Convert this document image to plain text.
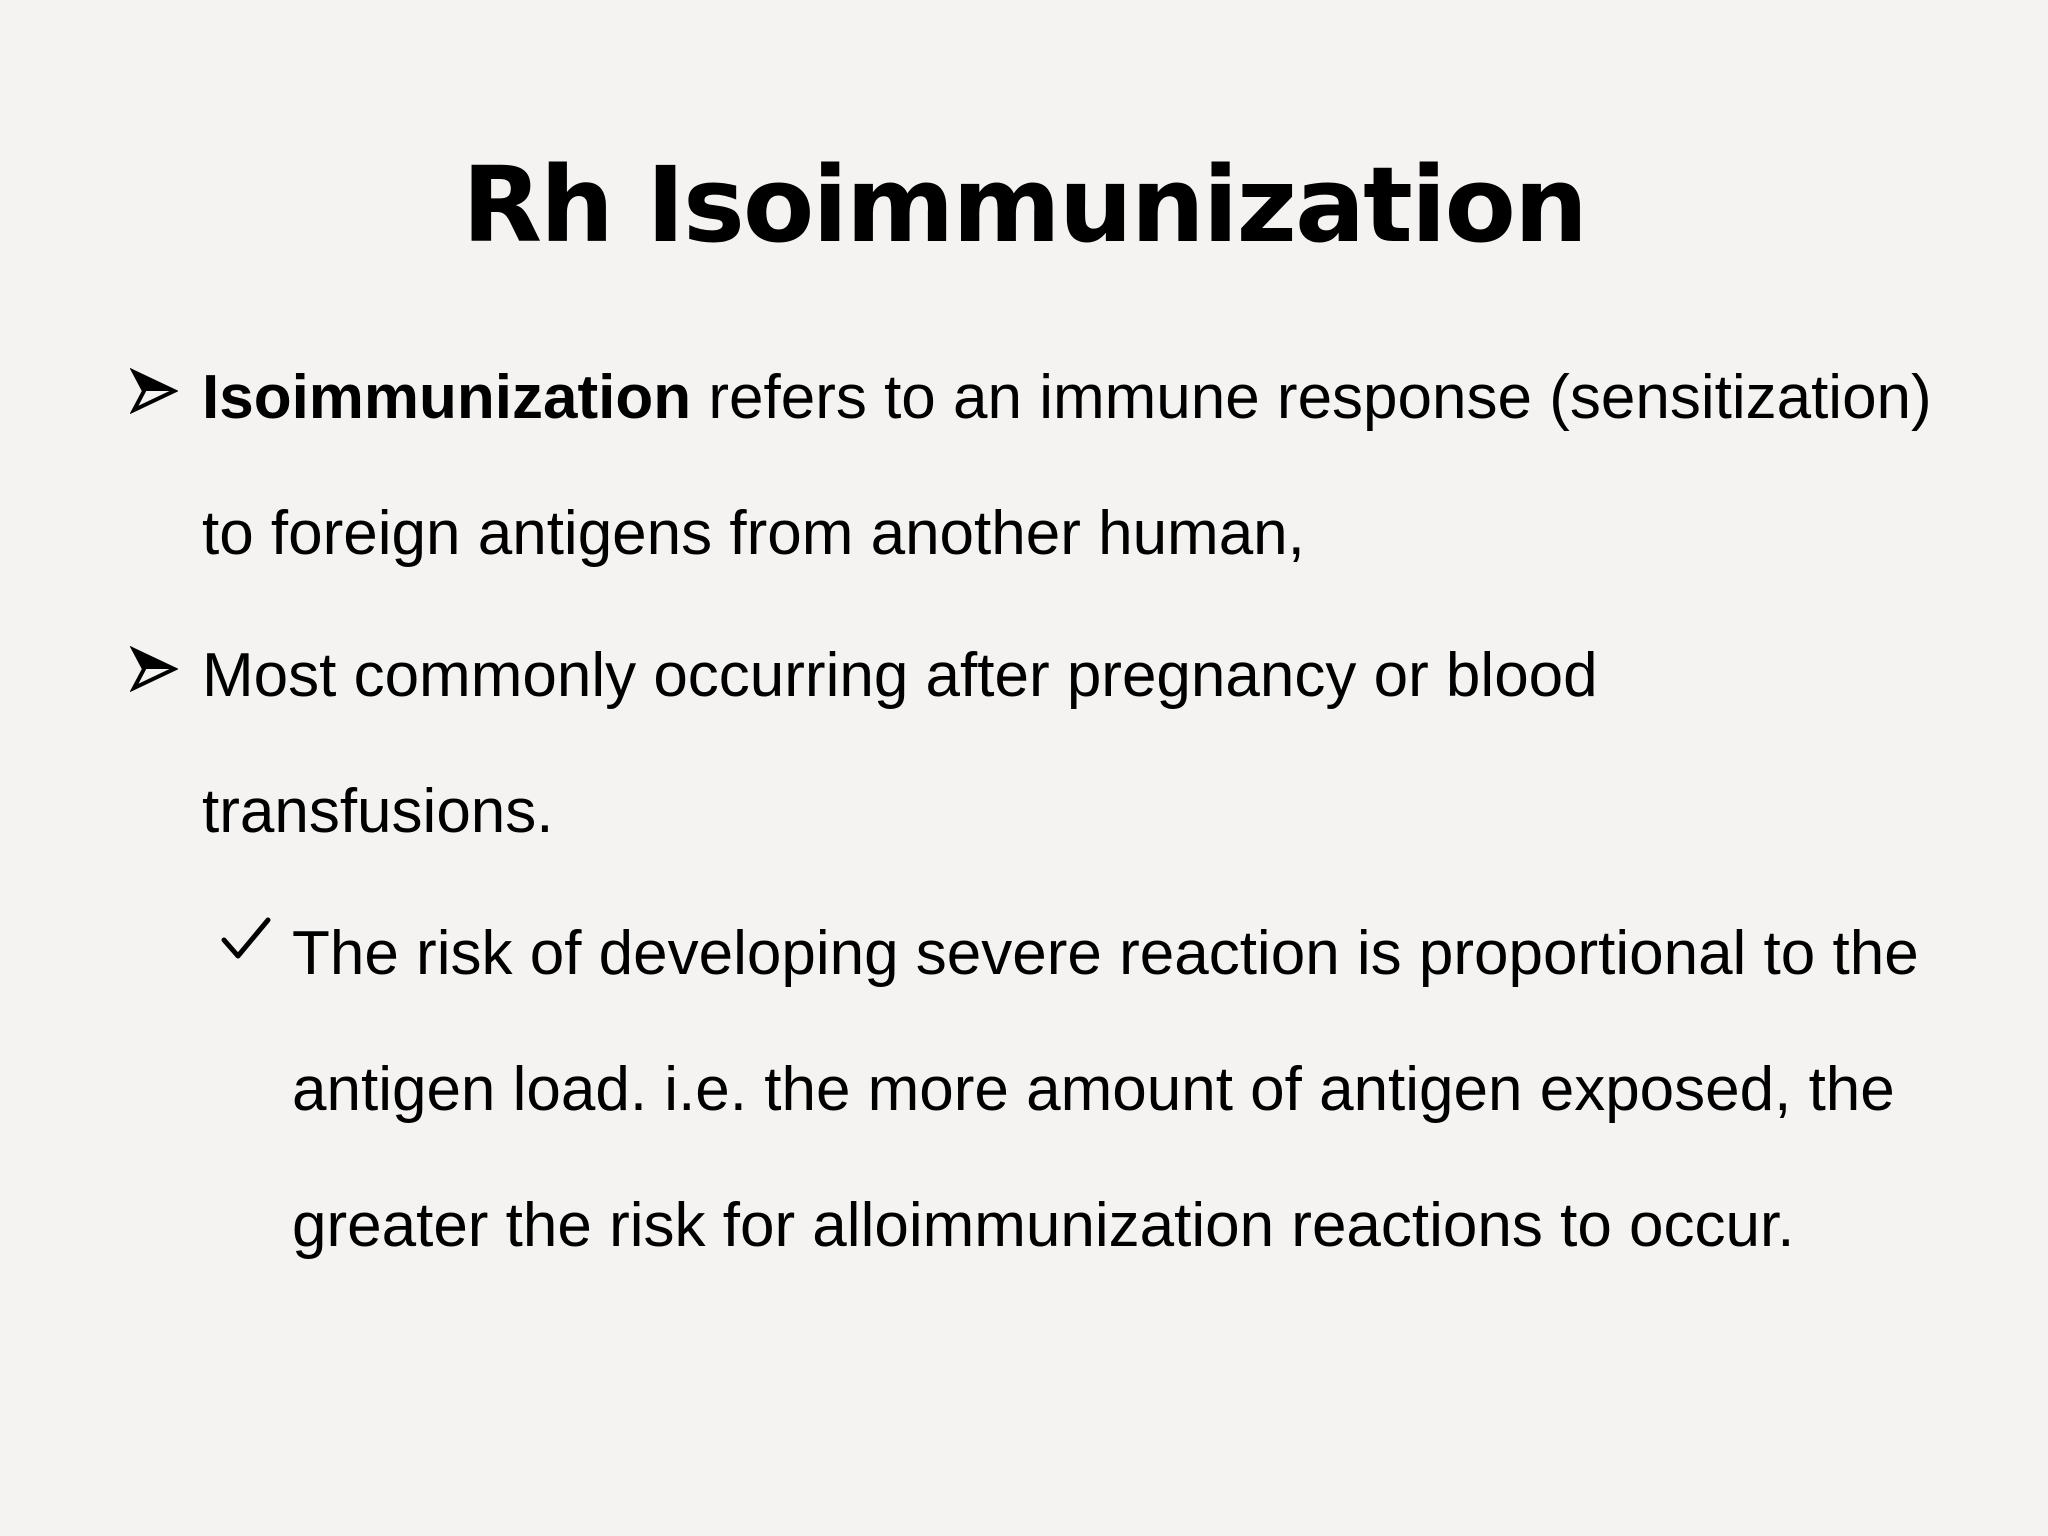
Rh Isoimmunization
Isoimmunization refers to an immune response (sensitization) to foreign antigens from another human,
Most commonly occurring after pregnancy or blood transfusions.
The risk of developing severe reaction is proportional to the antigen load. i.e. the more amount of antigen exposed, the greater the risk for alloimmunization reactions to occur.
